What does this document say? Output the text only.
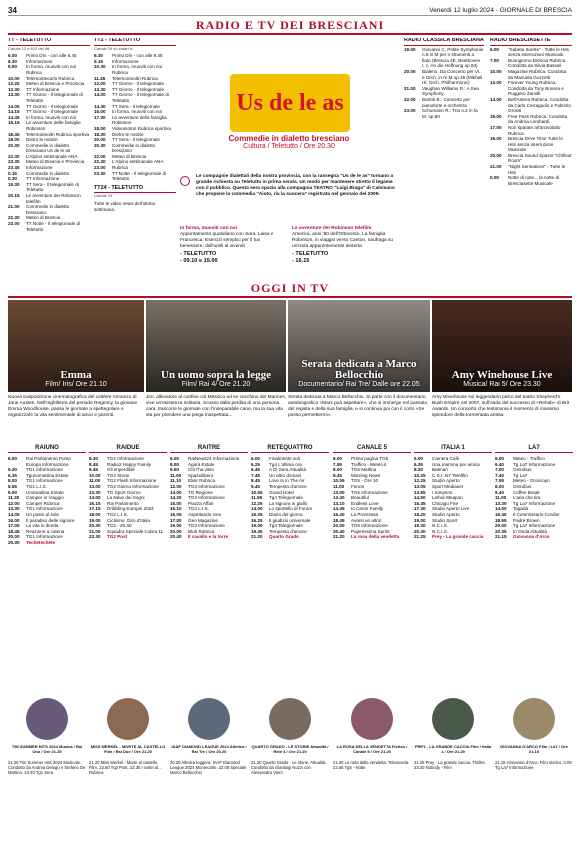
34	Venerdì 12 luglio 2024 · GIORNALE DI BRESCIA
RADIO E TV DEI BRESCIANI
TT - TELETUTTO
Canale 12 e 612 del dtt
6.00	Primo Dìn - con alle 6.45
6.30	Informazione
9.00	In forma, muoviti con noi
Rubrica
10.00	Telemontecarlo Rubrica
12.25	Meteo di Brescia e Provincia
12.30	TT Informazione
13.30	TT Giorno - Il telegiornale di Teletutto
14.00	TT Giorno - Il telegiornale
14.15	TT Giorno - Il telegiornale
14.45	In forma, muoviti con noi
16.15	Le avventure delle famiglie Robinson
18.45	Telemonteoltri Rubrica sportiva
19.00	Dietro le notizie
20.30	Commedie in dialetto bresciano Us de le as
22.30	L'Alpino settimanale ANA
23.30	Meteo di Brescia e Provincia
23.45	Informazione
0.15	Commedie in dialetto
0.30	TT Informazione
19.30	TT Sera - Il telegiornale di Teletutto
20.15	Le avventure dei Robinson telefilm
21.00	Commedie in dialetto bresciano
22.30	Meteo di Brescia
23.00	TT Notte - Il telegiornale di Teletutto
TT2 - TELETUTTO
Canale 16 su smart tv
6.30	Primo Dìn - con alle 9.45
9.15	Informazione
10.30	In forma, muoviti con noi
Rubrica
11.45	Telemonteoltri Rubrica
12.00	TT Giorno - Il telegiornale
13.30	TT Giorno - Il telegiornale
14.00	TT Giorno - Il telegiornale di Teletutto
14.30	TT Sera - Il telegiornale
16.00	In forma, muoviti con noi
17.30	Le avventure della famiglia Robinson
18.00	Videomotori Rubrica sportiva
18.30	Dietro le notizie
20.00	TT Sera - Il telegiornale
20.30	Commedie in dialetto bresciano
22.00	Meteo di Brescia
22.30	L'Alpino settimanale ANA
23.00	Rubrica
23.30	TT Notte - Il telegiornale di Teletutto
TT24 - TELETUTTO
Canale 19
Tutte le video news dell'ultima settimana.
Us de le as
Commedie in dialetto bresciano
Cultura / Teletutto / Ore 20.30
Le compagnie dialettali della nostra provincia, con la rassegna "Us de le as" tornano a grande richiesta su Teletutto in prima serata. Un modo per mantenere stretto il legame con il pubblico. Questa sera spazio alla compagnia TEATRO "Luigi Braga" di Calvisano che propone la commedia "Aiuto, ria la suocera" registrata nel gennaio del 2009.
In forma, muoviti con noi
Appuntamento quotidiano con Sara, Laisa e Francesca. Esercizi semplici per il tuo benessere, dall'umili al vivendi.
- TELETUTTO
- 09.10 e 15.00
Le avventure dei Robinson telefilm
America, anni '80 dell'Ottocento. La famiglia Robinson, in viaggio verso Canton, naufraga su un'isola apparentemente deserta.
- TELETUTTO
- 16.15
RADIO CLASSICA BRESCIANA
19.00	Giovanni C. Petite Symphonie n.6 in M per 4 strumenti a fiato (Brescia 4E, Beethoven I, c. An die Hoffnung op.94)
20.00	Bialeno. Da Concerto per Vl. e Orch. in re M op.35 (Mikhail Hl, Orch. Philharmonic)
21.00	Vaughan Williams R.: A Sea Symphony
22.00	Bartók B.: Concerto per pianoforte e orchestra
23.00	Schumann R.: Trio n.2 in fa M. op.80
RADIO BRESCIASETTE
6.00	"Sabeta Suerte" - Tutte le Hits senza interruzioni Musicale
7.00	Buongiorno Brescia Rubrica. Condotta da Silvia Bassoli
10.00	Magazine Rubrica. Condotta da Manuela Guzzetti
13.00	Forever Young Rubrica. Condotta da Tony Bonera e Ruggero Zanolli
14.00	Bell'Antera Rubrica. Condotta da Carlo Cerraguolo e Fabrizio Grossi
15.00	Free Pass Rubrica. Condotta da Andrea Lombardi
17.00	Non sparate all'arcivolalto Rubrica
18.00	Brescia Drive Time Tutte le Hits senza interruzioni Musicale
20.00	Brescia Sound Spazio "Chillout Room"
21.00	"Night Sensations" - Tutte le Hits
0.00	Notte di note... la notte di Bresciasette Musicale
OGGI IN TV
Emma
Film/ Iris/ Ore 21.10
Un uomo sopra la legge
Film/ Rai 4/ Ore 21.20
Serata dedicata a Marco Bellocchio
Documentario/ Rai Tre/ Dalle ore 22.05
Amy Winehouse Live
Musica/ Rai 5/ Ore 23.30
Nuova trasposizione cinematografica del celebre romanzo di Jane Austen. Nell'Inghilterra del periodo Regency, la giovane Emma Woodhouse, passa le giornate a spettegolare e organizzare la vita sentimentale di amici e parenti.
Jim, allevatore al confine col Messico ed ex cecchino dei Marines, vive un'esistenza solitaria. Scosso dalla perdita di una persona cara, trascorre le giornate con l'inseparabile cane, ma la sua vita sta per prendere una piega inaspettata...
Serata dedicata a Marco Bellocchio. Si parte con il documentario autobiografico «Marx può aspettare», che si immerge nel passato del regista e della sua famiglia, e si continua poi con il corto «Se posso permettermi».
Amy Winehouse sul leggendario palco del teatro Shepherd's Bush Empire nel 2007, sull'onda del successo di «Rehab» di Brit Awards. Un concerto che testimonia il momento di massimo splendore della tormentata artista.
RAIUNO
6.00	Rai Parlamento Punto Europa Informazione
6.30	TG1 Informazione
6.35	Tgunomattina Estate
8.00	TG1 Informazione
8.55	TG1 L.I.S.
9.00	Unomattina Estate
11.30	Camper in Viaggio
12.00	Camper Rubrica
13.30	TG1 Informazione
14.05	Un posto al sole
16.00	Il paradiso delle signore
17.05	La vita in diretta
18.45	Reazione a catena
20.00	TG1 Informazione
20.30	Techetechete
RAIDUE
8.30	TG2 Informazione
8.45	Radio2 Happy Family
9.45	Gli imperdibili
10.00	TG2 Storie
11.00	TG2 Flash Informazione
13.00	TG2 Giorno Informazione
13.30	TG Sport Giorno
14.00	La Nave dei Sogni
16.15	Rai Parlamento
17.15	Dribbling Europei 2024
18.00	TG2 L.I.S.
19.00	Ciclismo. Giro d'Italia
20.30	TG2 - 20.30
21.00	Squadra Speciale Cobra 11
23.30	TG2 Post
RAITRE
6.00	RaiNews24 Informazione
8.00	Agorà Estate
9.50	Chi l'ha visto
11.00	Spaziolibero
11.10	Elisir Rubrica
12.00	TG3 Informazione
14.00	TG Regione
14.20	TG3 Informazione
15.00	Piazza Affari
15.10	TG3 L.I.S.
16.05	Aspettando Geo
17.00	Geo Magazine
19.00	TG3 Informazione
20.00	Blob Rubrica
20.40	Il cavallo e la torre
RETEQUATTRO
6.00	Finalmente soli
6.25	Tg4 L'ultima ora
6.45	A Di Sera Attualità
7.45	Un altro domani
8.45	Love Is In The Air
9.45	Tempesta d'amore
10.55	Grand Hotel
11.55	Tg4 Telegiornale
12.25	La signora in giallo
14.00	Lo sportello di Forum
15.25	Diario del giorno
16.25	Il giudizio universale
19.00	Tg4 Telegiornale
19.45	Tempesta d'amore
21.20	Quarto Grado
CANALE 5
6.00	Prima pagina TG5
7.55	Traffico - Meteo.it
8.00	TG5 Mattina
8.45	Morning News
10.55	TG5 - Ore 10
11.00	Forum
13.00	TG5 Informazione
13.40	Beautiful
14.10	Endless Love
14.45	Io Canto Family
16.40	La Promessa
18.45	Avanti un altro!
20.00	TG5 Informazione
20.40	Paperissima Sprint
21.20	La rosa della vendetta
ITALIA 1
6.00	Camera Café
6.35	Una mamma per amica
8.30	Batman
10.25	C.S.I. NY Telefilm
12.25	Studio Aperto
13.05	Sport Mediaset
13.55	I Simpson
14.50	Lethal Weapon
15.45	Chicago Fire
17.30	Studio Aperto Live
18.20	Studio Aperto
19.00	Studio Sport
19.30	N.C.I.S.
20.30	N.C.I.S.
21.25	Prey - La grande caccia
LA7
6.00	Meteo - Traffico
6.40	Tg La7 Informazione
7.00	Omnibus
7.40	Tg La7
7.55	Meteo - Oroscopo
8.00	Omnibus
9.40	Coffee Break
11.00	L'aria che tira
13.30	Tg La7 Informazione
14.00	Tagadà
16.40	Il Commissario Cordier
18.55	Padre Brown
20.00	Tg La7 Informazione
20.35	In Onda Attualità
21.15	Giovanna d'Arco
TIM SUMMER HITS 2024 Musica / Rai Uno / Ore 21.25
21.25 Tim Summer Hits 2024 Musicale. Condotto da Andrea Delogu e Stefano De Martino. 23.40 Tg1 Sera
MISS MERKEL - MORTE AL CASTELLO Film / Rai Due / Ore 21.20
21.20 Miss Merkel - Morte al castello. Film. 22.50 Tg2 Post. 23.30 I vostri di... Rubrica
IAAF DIAMOND LEAGUE 2024 Atletica / Rai Tre / Ore 20.20
20.20 Atletica leggera. IAAF Diamond League 2024 Montecarlo. 22.05 Speciale Marco Bellocchio
QUARTO GRADO - LE STORIE Attualità / Rete 4 / Ore 21.20
21.20 Quarto Grado - Le storie. Attualità. Condotto da Gianluigi Nuzzi con Alessandra Viero
LA ROSA DELLA VENDETTA Fiction / Canale 5 / Ore 21.20
21.20 La rosa della vendetta. Telenovela. 22.55 Tg5 - Notte
PREY - LA GRANDE CACCIA Film / Italia 1 / Ore 21.25
21.25 Prey - La grande caccia. Thriller. 23.20 Nobody - Film
GIOVANNA D'ARCO Film / La7 / Ore 21.15
21.15 Giovanna d'Arco. Film storico. 0.05 Tg La7 Informazione
